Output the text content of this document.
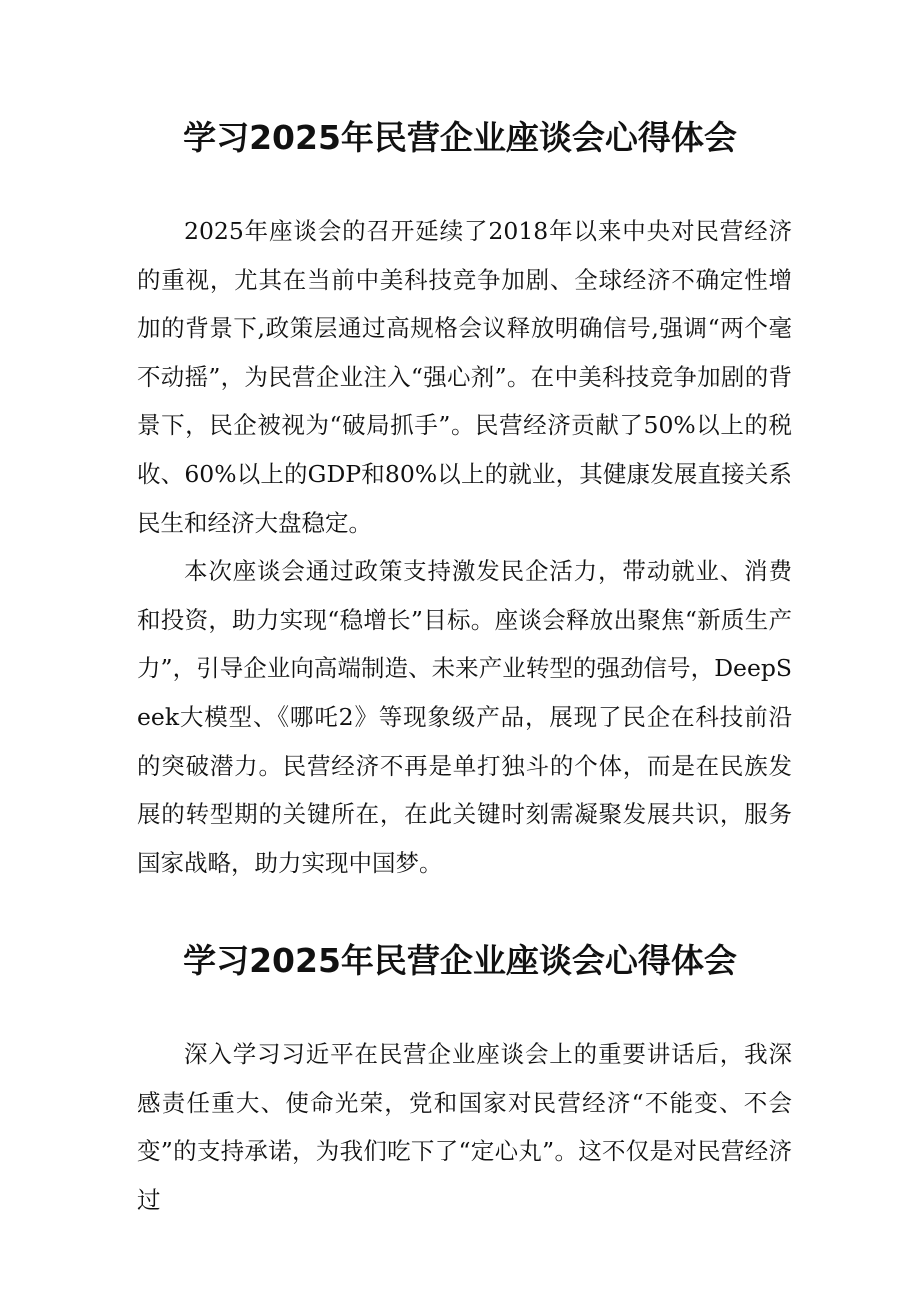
学习2025年民营企业座谈会心得体会

2025年座谈会的召开延续了2018年以来中央对民营经济的重视，尤其在当前中美科技竞争加剧、全球经济不确定性增加的背景下,政策层通过高规格会议释放明确信号,强调“两个毫不动摇”，为民营企业注入“强心剂”。在中美科技竞争加剧的背景下，民企被视为“破局抓手”。民营经济贡献了50%以上的税收、60%以上的GDP和80%以上的就业，其健康发展直接关系民生和经济大盘稳定。

本次座谈会通过政策支持激发民企活力，带动就业、消费和投资，助力实现“稳增长”目标。座谈会释放出聚焦“新质生产力”，引导企业向高端制造、未来产业转型的强劲信号，DeepSeek大模型、《哪吒2》等现象级产品，展现了民企在科技前沿的突破潜力。民营经济不再是单打独斗的个体，而是在民族发展的转型期的关键所在，在此关键时刻需凝聚发展共识，服务国家战略，助力实现中国梦。

学习2025年民营企业座谈会心得体会

深入学习习近平在民营企业座谈会上的重要讲话后，我深感责任重大、使命光荣，党和国家对民营经济“不能变、不会变”的支持承诺，为我们吃下了“定心丸”。这不仅是对民营经济过
